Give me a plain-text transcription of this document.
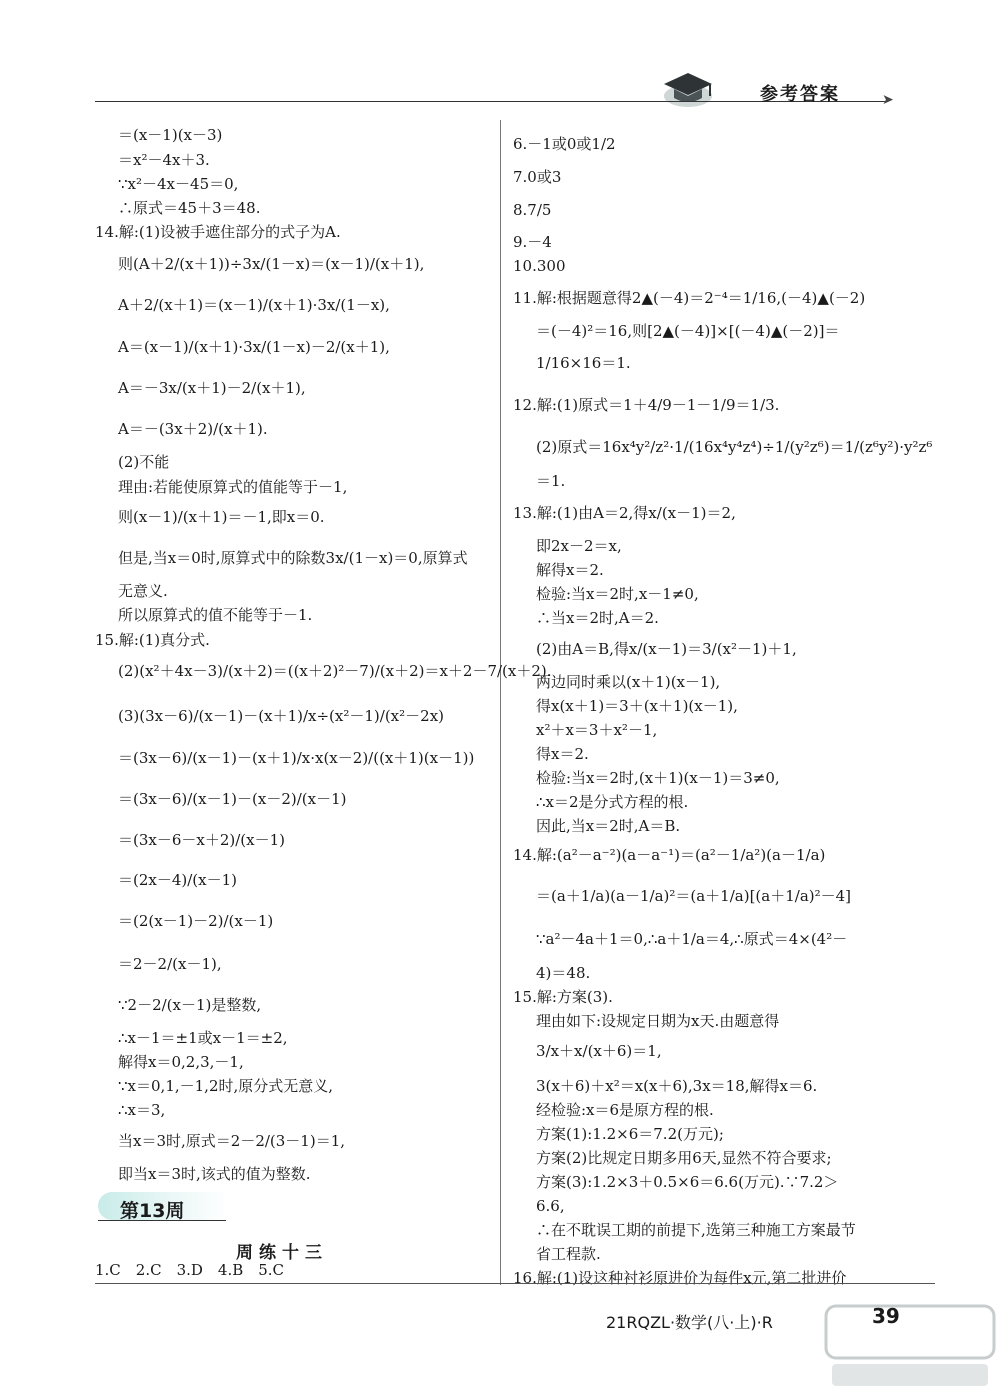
➤
参考答案
＝(x－1)(x－3)
＝x²－4x＋3.
∵x²－4x－45＝0,
∴原式＝45＋3＝48.
14.解:(1)设被手遮住部分的式子为A.
则(A＋2/(x＋1))÷3x/(1－x)＝(x－1)/(x＋1),
A＋2/(x＋1)＝(x－1)/(x＋1)·3x/(1－x),
A＝(x－1)/(x＋1)·3x/(1－x)－2/(x＋1),
A＝－3x/(x＋1)－2/(x＋1),
A＝－(3x＋2)/(x＋1).
(2)不能
理由:若能使原算式的值能等于－1,
则(x－1)/(x＋1)＝－1,即x＝0.
但是,当x＝0时,原算式中的除数3x/(1－x)＝0,原算式
无意义.
所以原算式的值不能等于－1.
15.解:(1)真分式.
(2)(x²＋4x－3)/(x＋2)＝((x＋2)²－7)/(x＋2)＝x＋2－7/(x＋2).
(3)(3x－6)/(x－1)－(x＋1)/x÷(x²－1)/(x²－2x)
＝(3x－6)/(x－1)－(x＋1)/x·x(x－2)/((x＋1)(x－1))
＝(3x－6)/(x－1)－(x－2)/(x－1)
＝(3x－6－x＋2)/(x－1)
＝(2x－4)/(x－1)
＝(2(x－1)－2)/(x－1)
＝2－2/(x－1),
∵2－2/(x－1)是整数,
∴x－1＝±1或x－1＝±2,
解得x＝0,2,3,－1,
∵x＝0,1,－1,2时,原分式无意义,
∴x＝3,
当x＝3时,原式＝2－2/(3－1)＝1,
即当x＝3时,该式的值为整数.
第13周
周练十三
1.C　2.C　3.D　4.B　5.C
6.－1或0或1/2
7.0或3
8.7/5
9.－4
10.300
11.解:根据题意得2▲(－4)＝2⁻⁴＝1/16,(－4)▲(－2)
＝(－4)²＝16,则[2▲(－4)]×[(－4)▲(－2)]＝
1/16×16＝1.
12.解:(1)原式＝1＋4/9－1－1/9＝1/3.
(2)原式＝16x⁴y²/z²·1/(16x⁴y⁴z⁴)÷1/(y²z⁶)＝1/(z⁶y²)·y²z⁶
＝1.
13.解:(1)由A＝2,得x/(x－1)＝2,
即2x－2＝x,
解得x＝2.
检验:当x＝2时,x－1≠0,
∴当x＝2时,A＝2.
(2)由A＝B,得x/(x－1)＝3/(x²－1)＋1,
两边同时乘以(x＋1)(x－1),
得x(x＋1)＝3＋(x＋1)(x－1),
x²＋x＝3＋x²－1,
得x＝2.
检验:当x＝2时,(x＋1)(x－1)＝3≠0,
∴x＝2是分式方程的根.
因此,当x＝2时,A＝B.
14.解:(a²－a⁻²)(a－a⁻¹)＝(a²－1/a²)(a－1/a)
＝(a＋1/a)(a－1/a)²＝(a＋1/a)[(a＋1/a)²－4]
∵a²－4a＋1＝0,∴a＋1/a＝4,∴原式＝4×(4²－
4)＝48.
15.解:方案(3).
理由如下:设规定日期为x天.由题意得
3/x＋x/(x＋6)＝1,
3(x＋6)＋x²＝x(x＋6),3x＝18,解得x＝6.
经检验:x＝6是原方程的根.
方案(1):1.2×6＝7.2(万元);
方案(2)比规定日期多用6天,显然不符合要求;
方案(3):1.2×3＋0.5×6＝6.6(万元).∵7.2＞
6.6,
∴在不耽误工期的前提下,选第三种施工方案最节
省工程款.
16.解:(1)设这种衬衫原进价为每件x元,第二批进价
21RQZL·数学(八·上)·R	39
